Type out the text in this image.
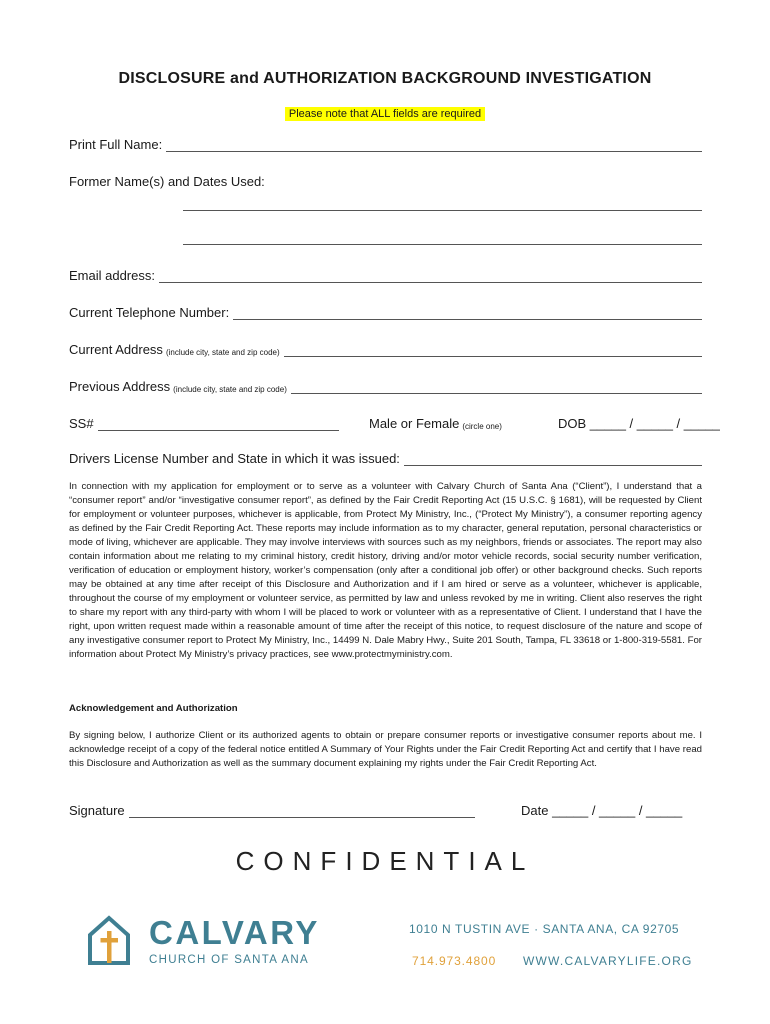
DISCLOSURE and AUTHORIZATION BACKGROUND INVESTIGATION
Please note that ALL fields are required
Print Full Name:
Former Name(s) and Dates Used:
Email address:
Current Telephone Number:
Current Address (include city, state and zip code)
Previous Address (include city, state and zip code)
SS#	Male or Female (circle one)	DOB _____ / _____ / _____
Drivers License Number and State in which it was issued:

In connection with my application for employment or to serve as a volunteer with Calvary Church of Santa Ana (“Client”), I understand that a “consumer report” and/or “investigative consumer report”, as defined by the Fair Credit Reporting Act (15 U.S.C. § 1681), will be requested by Client for employment or volunteer purposes, whichever is applicable, from Protect My Ministry, Inc., (“Protect My Ministry”), a consumer reporting agency as defined by the Fair Credit Reporting Act. These reports may include information as to my character, general reputation, personal characteristics or mode of living, whichever are applicable. They may involve interviews with sources such as my neighbors, friends or associates. The report may also contain information about me relating to my criminal history, credit history, driving and/or motor vehicle records, social security number verification, verification of education or employment history, worker’s compensation (only after a conditional job offer) or other background checks. Such reports may be obtained at any time after receipt of this Disclosure and Authorization and if I am hired or serve as a volunteer, whichever is applicable, throughout the course of my employment or volunteer service, as permitted by law and unless revoked by me in writing. Client also reserves the right to share my report with any third-party with whom I will be placed to work or volunteer with as a representative of Client. I understand that I have the right, upon written request made within a reasonable amount of time after the receipt of this notice, to request disclosure of the nature and scope of any investigative consumer report to Protect My Ministry, Inc., 14499 N. Dale Mabry Hwy., Suite 201 South, Tampa, FL 33618 or 1-800-319-5581. For information about Protect My Ministry’s privacy practices, see www.protectmyministry.com.

Acknowledgement and Authorization

By signing below, I authorize Client or its authorized agents to obtain or prepare consumer reports or investigative consumer reports about me. I acknowledge receipt of a copy of the federal notice entitled A Summary of Your Rights under the Fair Credit Reporting Act and certify that I have read this Disclosure and Authorization as well as the summary document explaining my rights under the Fair Credit Reporting Act.

Signature	Date _____ / _____ / _____
CONFIDENTIAL
CALVARY
CHURCH OF SANTA ANA
1010 N TUSTIN AVE · SANTA ANA, CA 92705
714.973.4800 WWW.CALVARYLIFE.ORG
